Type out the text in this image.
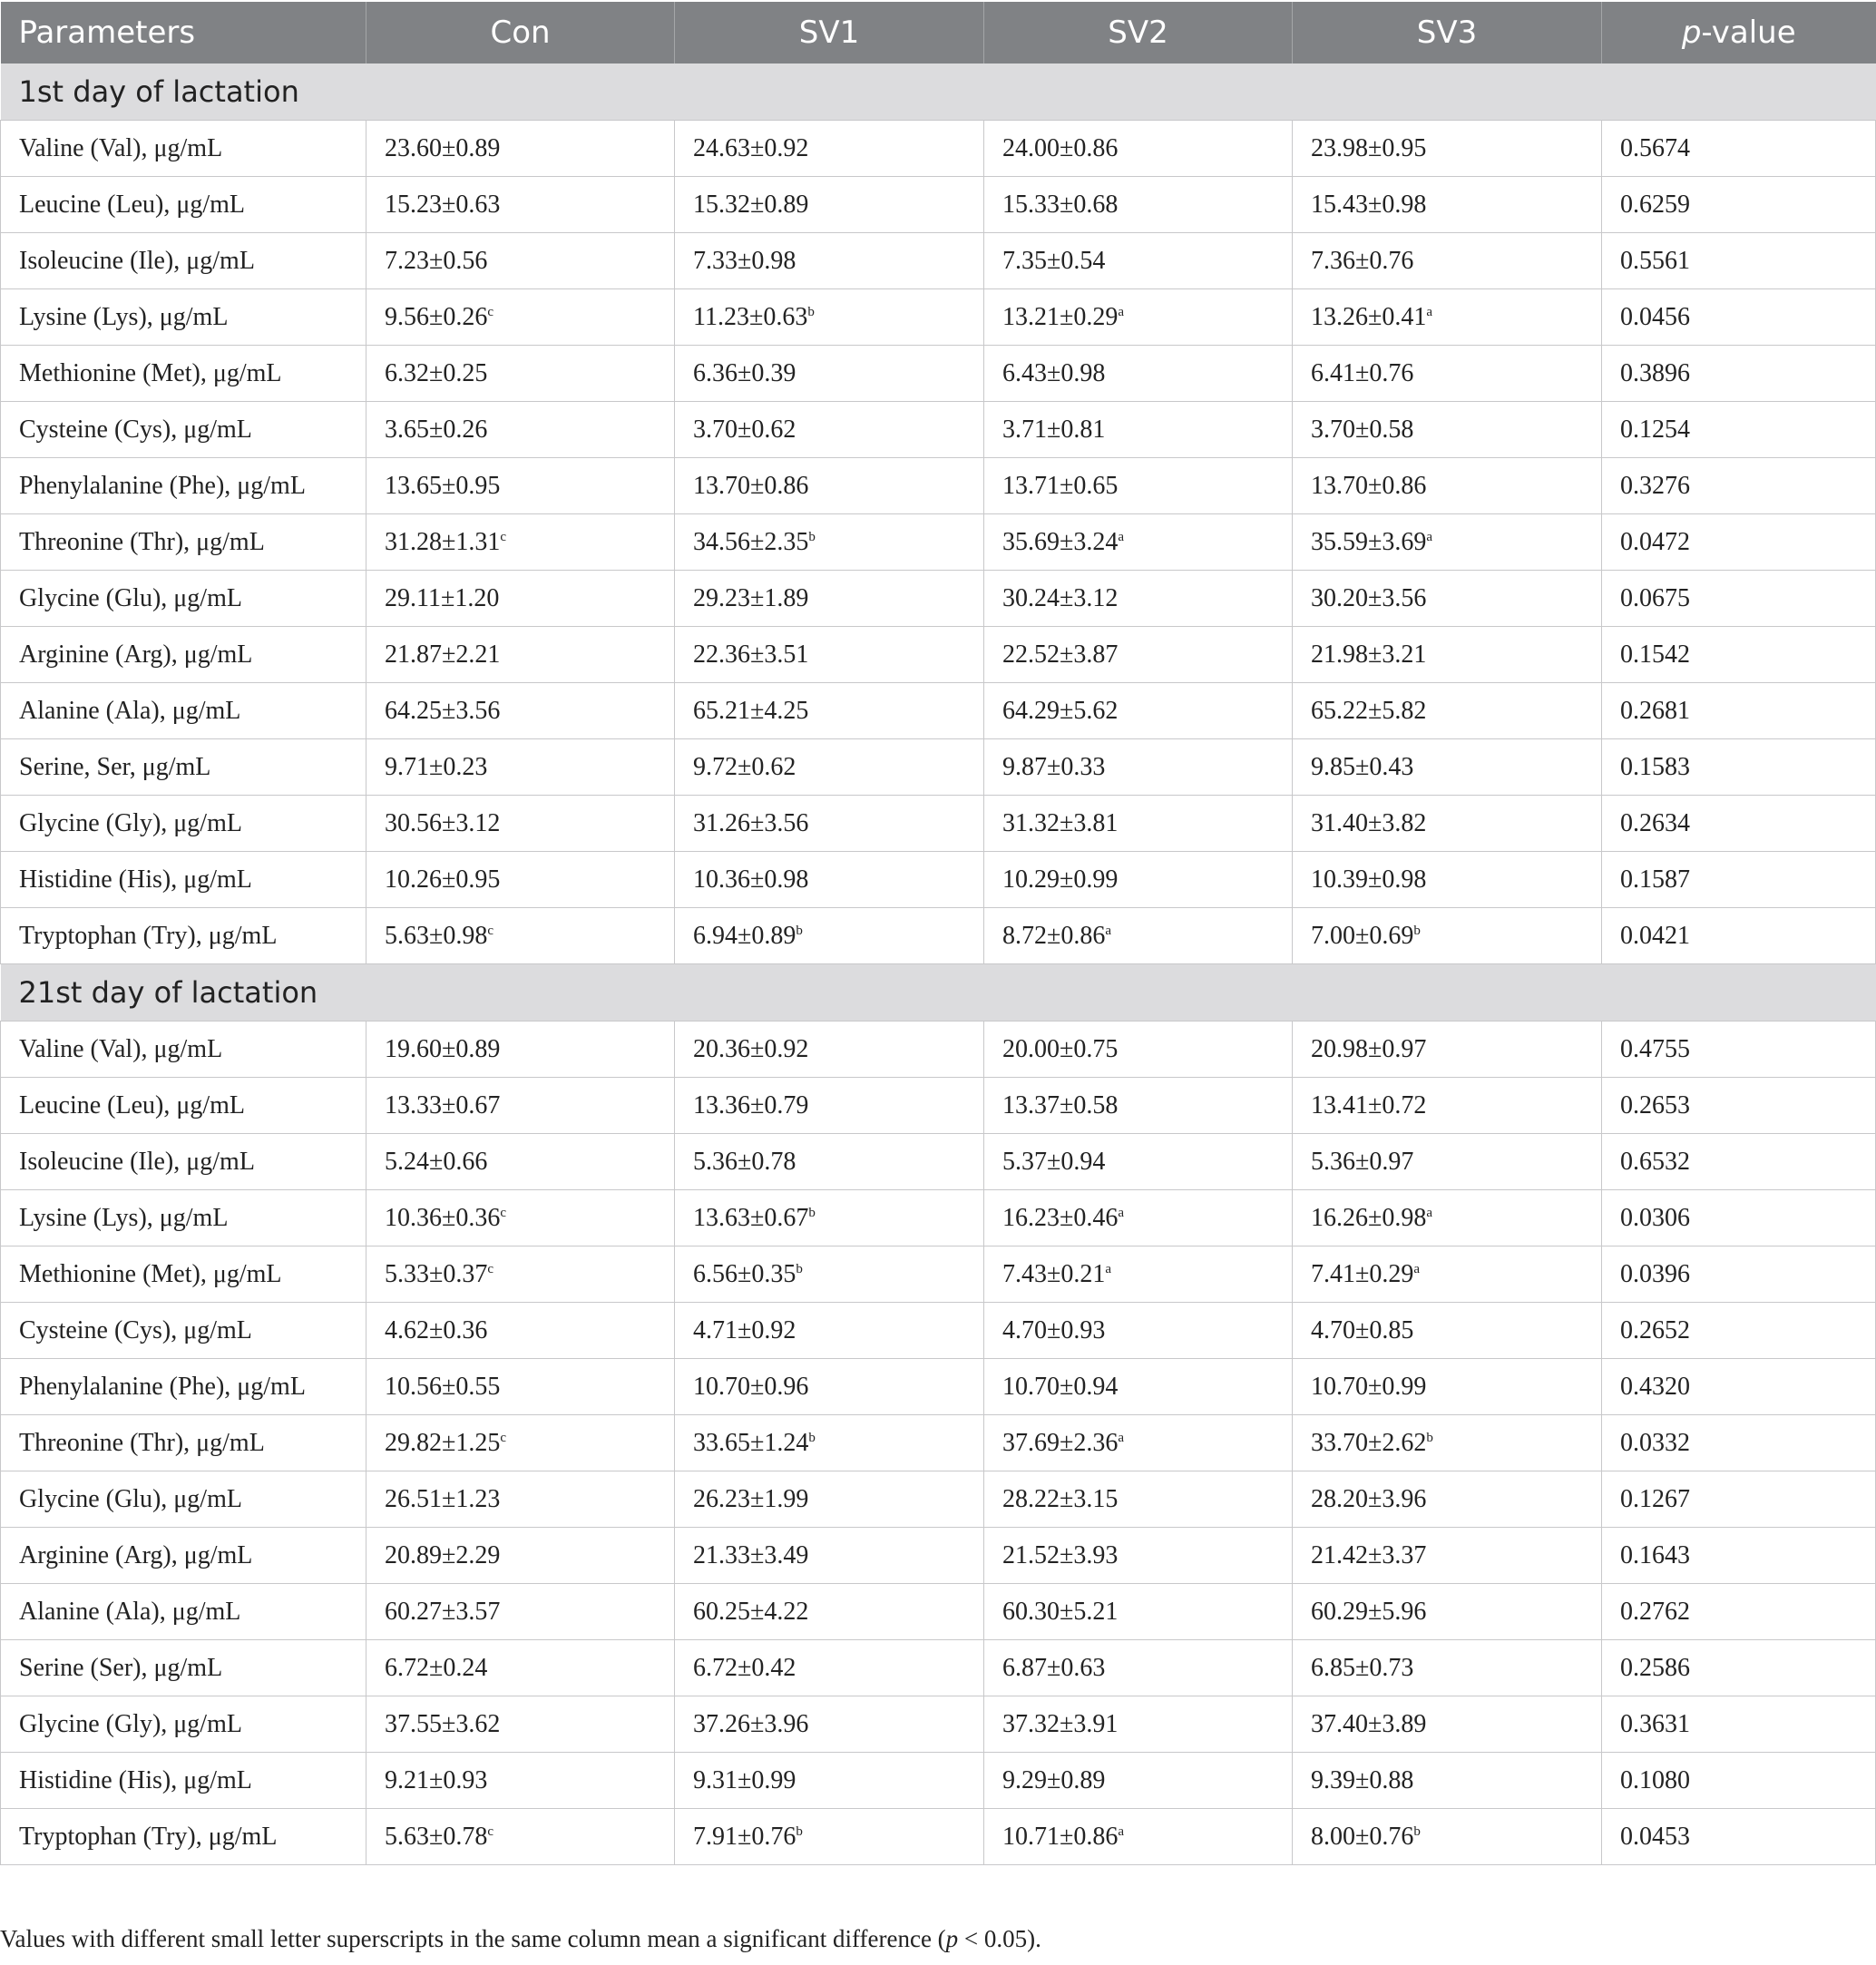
Parameters	Con	SV1	SV2	SV3	p-value
1st day of lactation					
Valine (Val), μg/mL	23.60±0.89	24.63±0.92	24.00±0.86	23.98±0.95	0.5674
Leucine (Leu), μg/mL	15.23±0.63	15.32±0.89	15.33±0.68	15.43±0.98	0.6259
Isoleucine (Ile), μg/mL	7.23±0.56	7.33±0.98	7.35±0.54	7.36±0.76	0.5561
Lysine (Lys), μg/mL	9.56±0.26$^c$	11.23±0.63$^b$	13.21±0.29$^a$	13.26±0.41$^a$	0.0456
Methionine (Met), μg/mL	6.32±0.25	6.36±0.39	6.43±0.98	6.41±0.76	0.3896
Cysteine (Cys), μg/mL	3.65±0.26	3.70±0.62	3.71±0.81	3.70±0.58	0.1254
Phenylalanine (Phe), μg/mL	13.65±0.95	13.70±0.86	13.71±0.65	13.70±0.86	0.3276
Threonine (Thr), μg/mL	31.28±1.31$^c$	34.56±2.35$^b$	35.69±3.24$^a$	35.59±3.69$^a$	0.0472
Glycine (Glu), μg/mL	29.11±1.20	29.23±1.89	30.24±3.12	30.20±3.56	0.0675
Arginine (Arg), μg/mL	21.87±2.21	22.36±3.51	22.52±3.87	21.98±3.21	0.1542
Alanine (Ala), μg/mL	64.25±3.56	65.21±4.25	64.29±5.62	65.22±5.82	0.2681
Serine, Ser, μg/mL	9.71±0.23	9.72±0.62	9.87±0.33	9.85±0.43	0.1583
Glycine (Gly), μg/mL	30.56±3.12	31.26±3.56	31.32±3.81	31.40±3.82	0.2634
Histidine (His), μg/mL	10.26±0.95	10.36±0.98	10.29±0.99	10.39±0.98	0.1587
Tryptophan (Try), μg/mL	5.63±0.98$^c$	6.94±0.89$^b$	8.72±0.86$^a$	7.00±0.69$^b$	0.0421
21st day of lactation					
Valine (Val), μg/mL	19.60±0.89	20.36±0.92	20.00±0.75	20.98±0.97	0.4755
Leucine (Leu), μg/mL	13.33±0.67	13.36±0.79	13.37±0.58	13.41±0.72	0.2653
Isoleucine (Ile), μg/mL	5.24±0.66	5.36±0.78	5.37±0.94	5.36±0.97	0.6532
Lysine (Lys), μg/mL	10.36±0.36$^c$	13.63±0.67$^b$	16.23±0.46$^a$	16.26±0.98$^a$	0.0306
Methionine (Met), μg/mL	5.33±0.37$^c$	6.56±0.35$^b$	7.43±0.21$^a$	7.41±0.29$^a$	0.0396
Cysteine (Cys), μg/mL	4.62±0.36	4.71±0.92	4.70±0.93	4.70±0.85	0.2652
Phenylalanine (Phe), μg/mL	10.56±0.55	10.70±0.96	10.70±0.94	10.70±0.99	0.4320
Threonine (Thr), μg/mL	29.82±1.25$^c$	33.65±1.24$^b$	37.69±2.36$^a$	33.70±2.62$^b$	0.0332
Glycine (Glu), μg/mL	26.51±1.23	26.23±1.99	28.22±3.15	28.20±3.96	0.1267
Arginine (Arg), μg/mL	20.89±2.29	21.33±3.49	21.52±3.93	21.42±3.37	0.1643
Alanine (Ala), μg/mL	60.27±3.57	60.25±4.22	60.30±5.21	60.29±5.96	0.2762
Serine (Ser), μg/mL	6.72±0.24	6.72±0.42	6.87±0.63	6.85±0.73	0.2586
Glycine (Gly), μg/mL	37.55±3.62	37.26±3.96	37.32±3.91	37.40±3.89	0.3631
Histidine (His), μg/mL	9.21±0.93	9.31±0.99	9.29±0.89	9.39±0.88	0.1080
Tryptophan (Try), μg/mL	5.63±0.78$^c$	7.91±0.76$^b$	10.71±0.86$^a$	8.00±0.76$^b$	0.0453
Values with different small letter superscripts in the same column mean a significant difference (p < 0.05).
